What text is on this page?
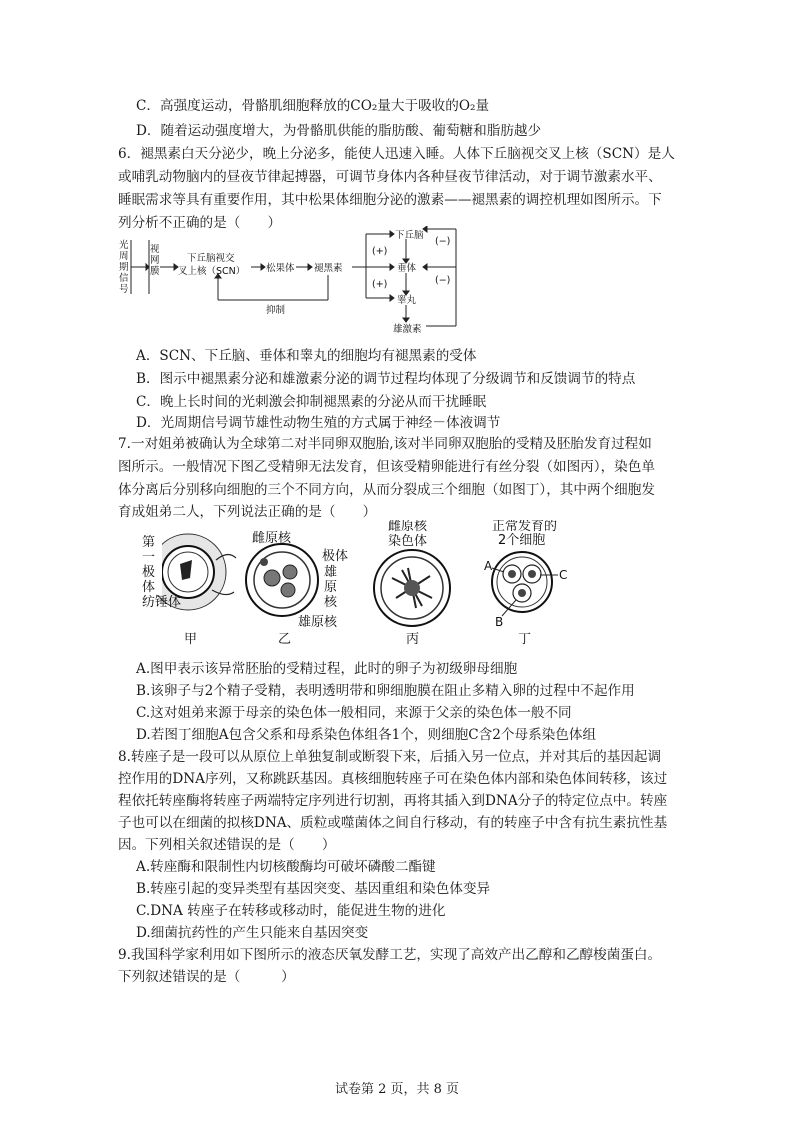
C．高强度运动，骨骼肌细胞释放的CO₂量大于吸收的O₂量
D．随着运动强度增大，为骨骼肌供能的脂肪酸、葡萄糖和脂肪越少
6．褪黑素白天分泌少，晚上分泌多，能使人迅速入睡。人体下丘脑视交叉上核（SCN）是人
或哺乳动物脑内的昼夜节律起搏器，可调节身体内各种昼夜节律活动，对于调节激素水平、
睡眠需求等具有重要作用，其中松果体细胞分泌的激素——褪黑素的调控机理如图所示。下
列分析不正确的是（　　）
光
周
期
信
号
视
网
膜
下丘脑视交
叉上核（SCN） 松果体 褪黑素
抑制
下丘脑
垂体
睾丸
雄激素
(+)
(+)
(−)
(−)
A．SCN、下丘脑、垂体和睾丸的细胞均有褪黑素的受体
B．图示中褪黑素分泌和雄激素分泌的调节过程均体现了分级调节和反馈调节的特点
C．晚上长时间的光刺激会抑制褪黑素的分泌从而干扰睡眠
D．光周期信号调节雄性动物生殖的方式属于神经－体液调节
7.一对姐弟被确认为全球第二对半同卵双胞胎,该对半同卵双胞胎的受精及胚胎发育过程如
图所示。一般情况下图乙受精卵无法发育，但该受精卵能进行有丝分裂（如图丙），染色单
体分离后分别移向细胞的三个不同方向，从而分裂成三个细胞（如图丁），其中两个细胞发
育成姐弟二人，下列说法正确的是（　　）
第
一
极
体
纺锤体
甲
雌原核
极体
雄
原
核
雄原核
乙
雌原核
染色体
丙
正常发育的
2个细胞
A
C
B
丁
A.图甲表示该异常胚胎的受精过程，此时的卵子为初级卵母细胞
B.该卵子与2个精子受精，表明透明带和卵细胞膜在阻止多精入卵的过程中不起作用
C.这对姐弟来源于母亲的染色体一般相同，来源于父亲的染色体一般不同
D.若图丁细胞A包含父系和母系染色体组各1个，则细胞C含2个母系染色体组
8.转座子是一段可以从原位上单独复制或断裂下来，后插入另一位点，并对其后的基因起调
控作用的DNA序列，又称跳跃基因。真核细胞转座子可在染色体内部和染色体间转移，该过
程依托转座酶将转座子两端特定序列进行切割，再将其插入到DNA分子的特定位点中。转座
子也可以在细菌的拟核DNA、质粒或噬菌体之间自行移动，有的转座子中含有抗生素抗性基
因。下列相关叙述错误的是（　　）
A.转座酶和限制性内切核酸酶均可破坏磷酸二酯键
B.转座引起的变异类型有基因突变、基因重组和染色体变异
C.DNA 转座子在转移或移动时，能促进生物的进化
D.细菌抗药性的产生只能来自基因突变
9.我国科学家利用如下图所示的液态厌氧发酵工艺，实现了高效产出乙醇和乙醇梭菌蛋白。
下列叙述错误的是（　　　）
试卷第 2 页，共 8 页
